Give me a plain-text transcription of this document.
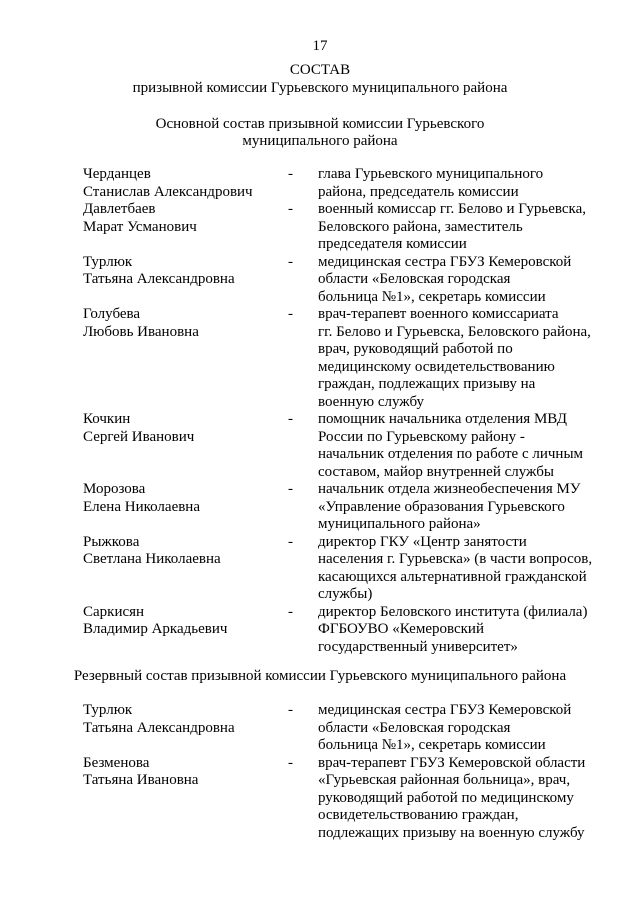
17
СОСТАВ
призывной комиссии Гурьевского муниципального района
Основной состав призывной комиссии Гурьевского
муниципального района
Черданцев
Станислав Александрович
-	глава Гурьевского муниципального
района, председатель комиссии
Давлетбаев
Марат Усманович
-	военный комиссар гг. Белово и Гурьевска,
Беловского района, заместитель
председателя комиссии
Турлюк
Татьяна Александровна
-	медицинская сестра ГБУЗ Кемеровской
области «Беловская городская
больница №1», секретарь комиссии
Голубева
Любовь Ивановна
-	врач-терапевт военного комиссариата
гг. Белово и Гурьевска, Беловского района,
врач, руководящий работой по
медицинскому освидетельствованию
граждан, подлежащих призыву на
военную службу
Кочкин
Сергей Иванович
-	помощник начальника отделения МВД
России по Гурьевскому району -
начальник отделения по работе с личным
составом, майор внутренней службы
Морозова
Елена Николаевна
-	начальник отдела жизнеобеспечения МУ
«Управление образования Гурьевского
муниципального района»
Рыжкова
Светлана Николаевна
-	директор ГКУ «Центр занятости
населения г. Гурьевска» (в части вопросов,
касающихся альтернативной гражданской
службы)
Саркисян
Владимир Аркадьевич
-	директор Беловского института (филиала)
ФГБОУВО «Кемеровский
государственный университет»
Резервный состав призывной комиссии Гурьевского муниципального района
Турлюк
Татьяна Александровна
-	медицинская сестра ГБУЗ Кемеровской
области «Беловская городская
больница №1», секретарь комиссии
Безменова
Татьяна Ивановна
-	врач-терапевт ГБУЗ Кемеровской области
«Гурьевская районная больница», врач,
руководящий работой по медицинскому
освидетельствованию граждан,
подлежащих призыву на военную службу
